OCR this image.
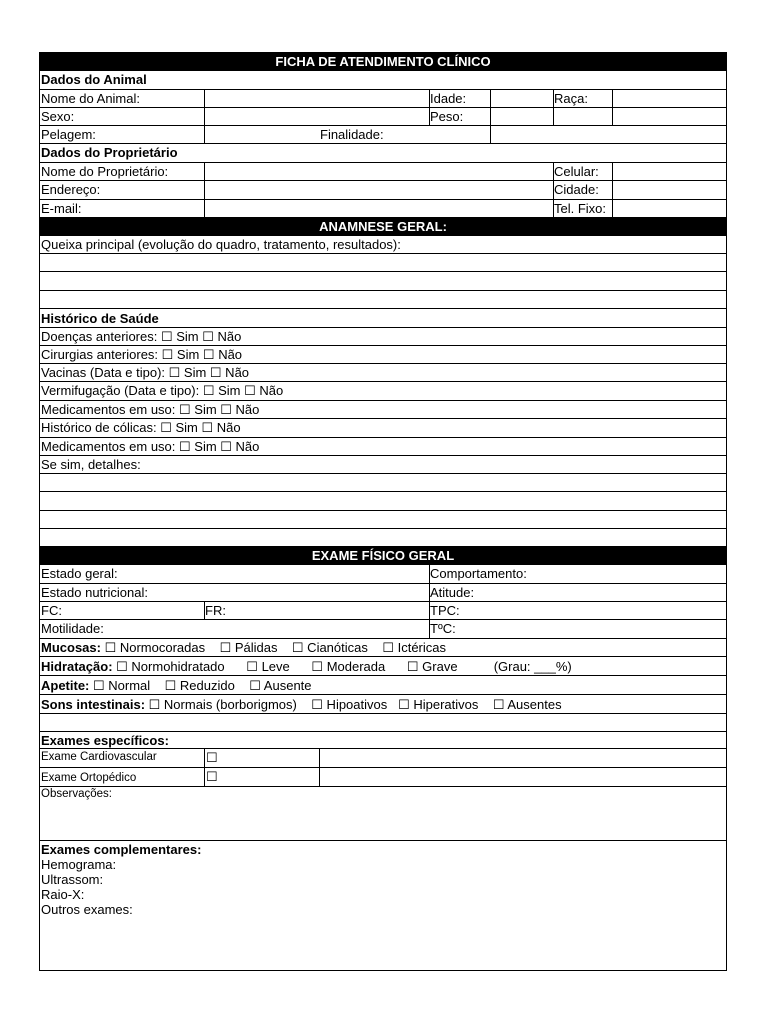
FICHA DE ATENDIMENTO CLÍNICO
Dados do Animal
Nome do Animal:	Idade:	Raça:
Sexo:	Peso:
Pelagem:	Finalidade:
Dados do Proprietário
Nome do Proprietário:	Celular:
Endereço:	Cidade:
E-mail:	Tel. Fixo:
ANAMNESE GERAL:
Queixa principal (evolução do quadro, tratamento, resultados):
Histórico de Saúde
Doenças anteriores: ☐ Sim ☐ Não
Cirurgias anteriores: ☐ Sim ☐ Não
Vacinas (Data e tipo): ☐ Sim ☐ Não
Vermifugação (Data e tipo): ☐ Sim ☐ Não
Medicamentos em uso: ☐ Sim ☐ Não
Histórico de cólicas: ☐ Sim ☐ Não
Medicamentos em uso: ☐ Sim ☐ Não
Se sim, detalhes:
EXAME FÍSICO GERAL
Estado geral:	Comportamento:
Estado nutricional:	Atitude:
FC:	FR:	TPC:
Motilidade:	TºC:
Mucosas: ☐ Normocoradas    ☐ Pálidas    ☐ Cianóticas    ☐ Ictéricas
Hidratação: ☐ Normohidratado      ☐ Leve      ☐ Moderada      ☐ Grave          (Grau: ___%)
Apetite: ☐ Normal    ☐ Reduzido    ☐ Ausente
Sons intestinais: ☐ Normais (borborigmos)    ☐ Hipoativos   ☐ Hiperativos    ☐ Ausentes
Exames específicos:
Exame Cardiovascular	☐
Exame Ortopédico	☐
Observações:
Exames complementares:
Hemograma:
Ultrassom:
Raio-X:
Outros exames:
